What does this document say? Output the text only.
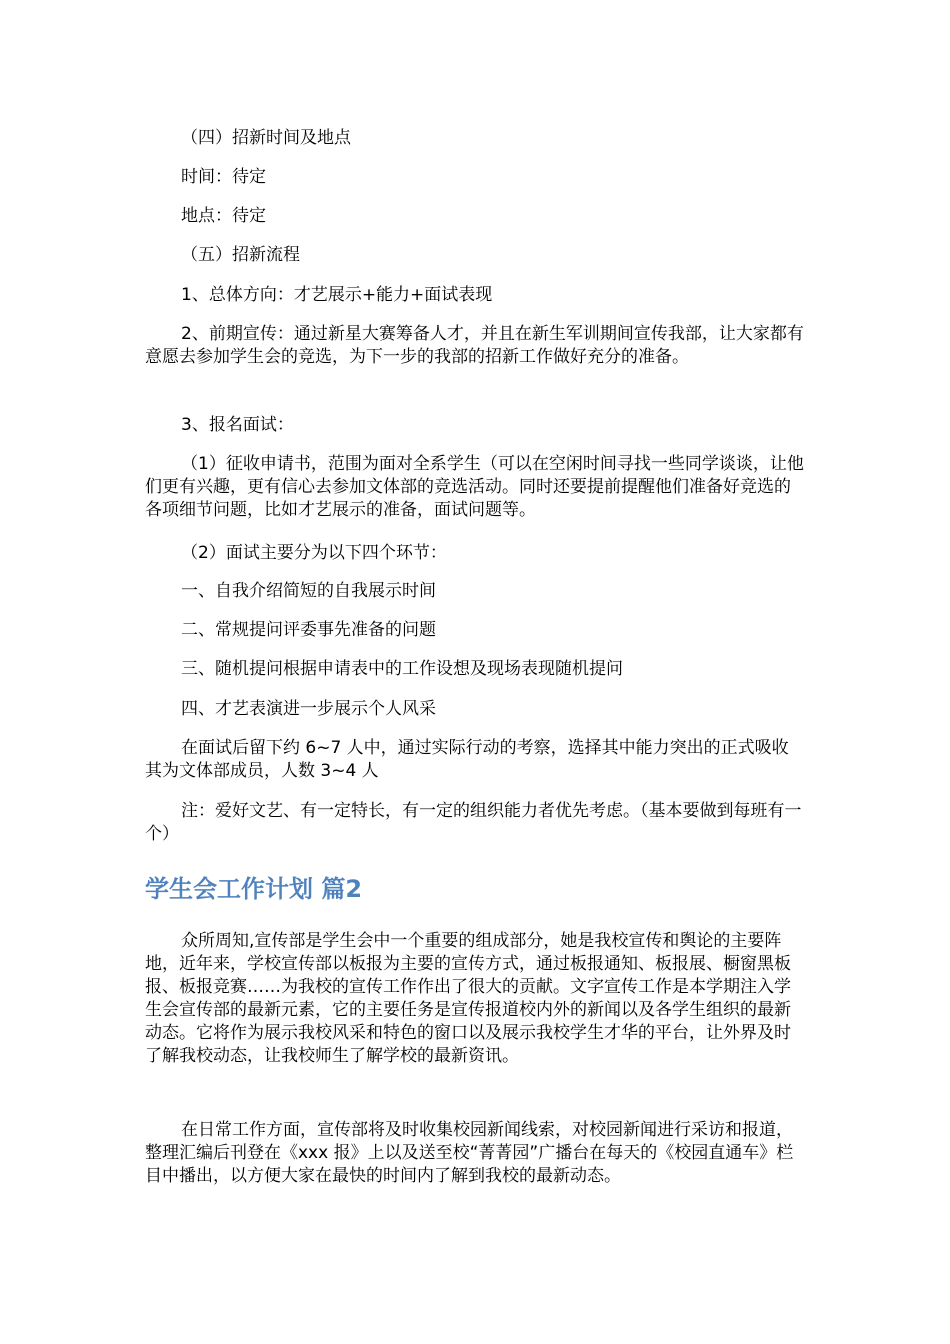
（四）招新时间及地点

时间：待定

地点：待定

（五）招新流程

1、总体方向：才艺展示+能力+面试表现

2、前期宣传：通过新星大赛筹备人才，并且在新生军训期间宣传我部，让大家都有意愿去参加学生会的竞选，为下一步的我部的招新工作做好充分的准备。

3、报名面试：

（1）征收申请书，范围为面对全系学生（可以在空闲时间寻找一些同学谈谈，让他们更有兴趣，更有信心去参加文体部的竞选活动。同时还要提前提醒他们准备好竞选的各项细节问题，比如才艺展示的准备，面试问题等。

（2）面试主要分为以下四个环节：

一、自我介绍简短的自我展示时间

二、常规提问评委事先准备的问题

三、随机提问根据申请表中的工作设想及现场表现随机提问

四、才艺表演进一步展示个人风采

在面试后留下约 6~7 人中，通过实际行动的考察，选择其中能力突出的正式吸收其为文体部成员，人数 3~4 人

注：爱好文艺、有一定特长，有一定的组织能力者优先考虑。（基本要做到每班有一个）

学生会工作计划 篇2

众所周知,宣传部是学生会中一个重要的组成部分，她是我校宣传和舆论的主要阵地，近年来，学校宣传部以板报为主要的宣传方式，通过板报通知、板报展、橱窗黑板报、板报竞赛……为我校的宣传工作作出了很大的贡献。文字宣传工作是本学期注入学生会宣传部的最新元素，它的主要任务是宣传报道校内外的新闻以及各学生组织的最新动态。它将作为展示我校风采和特色的窗口以及展示我校学生才华的平台，让外界及时了解我校动态，让我校师生了解学校的最新资讯。

在日常工作方面，宣传部将及时收集校园新闻线索，对校园新闻进行采访和报道，整理汇编后刊登在《xxx 报》上以及送至校“菁菁园”广播台在每天的《校园直通车》栏目中播出，以方便大家在最快的时间内了解到我校的最新动态。
